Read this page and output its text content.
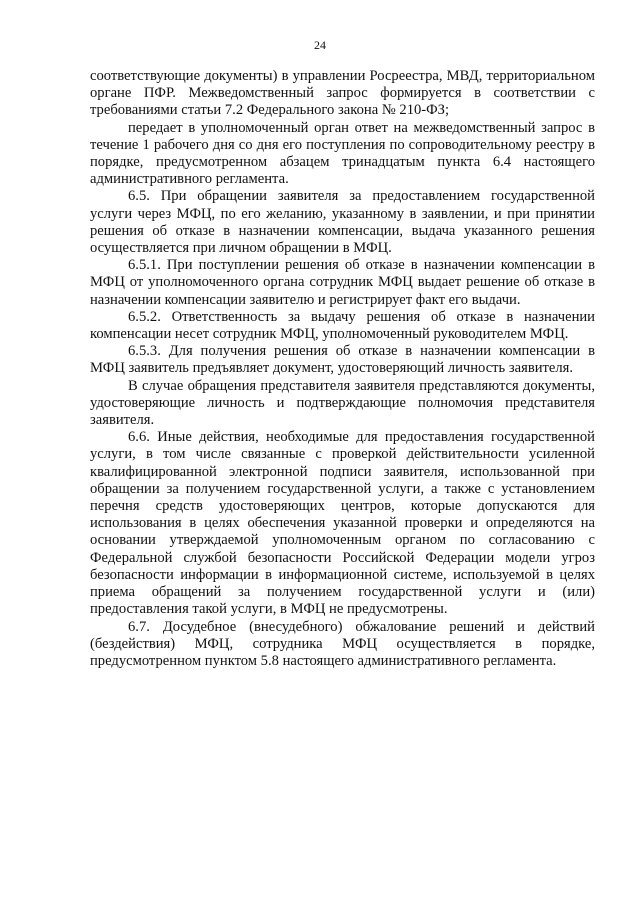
24

соответствующие документы) в управлении Росреестра, МВД, территориальном органе ПФР. Межведомственный запрос формируется в соответствии с требованиями статьи 7.2 Федерального закона № 210-ФЗ;

передает в уполномоченный орган ответ на межведомственный запрос в течение 1 рабочего дня со дня его поступления по сопроводительному реестру в порядке, предусмотренном абзацем тринадцатым пункта 6.4 настоящего административного регламента.

6.5. При обращении заявителя за предоставлением государственной услуги через МФЦ, по его желанию, указанному в заявлении, и при принятии решения об отказе в назначении компенсации, выдача указанного решения осуществляется при личном обращении в МФЦ.

6.5.1. При поступлении решения об отказе в назначении компенсации в МФЦ от уполномоченного органа сотрудник МФЦ выдает решение об отказе в назначении компенсации заявителю и регистрирует факт его выдачи.

6.5.2. Ответственность за выдачу решения об отказе в назначении компенсации несет сотрудник МФЦ, уполномоченный руководителем МФЦ.

6.5.3. Для получения решения об отказе в назначении компенсации в МФЦ заявитель предъявляет документ, удостоверяющий личность заявителя.

В случае обращения представителя заявителя представляются документы, удостоверяющие личность и подтверждающие полномочия представителя заявителя.

6.6. Иные действия, необходимые для предоставления государственной услуги, в том числе связанные с проверкой действительности усиленной квалифицированной электронной подписи заявителя, использованной при обращении за получением государственной услуги, а также с установлением перечня средств удостоверяющих центров, которые допускаются для использования в целях обеспечения указанной проверки и определяются на основании утверждаемой уполномоченным органом по согласованию с Федеральной службой безопасности Российской Федерации модели угроз безопасности информации в информационной системе, используемой в целях приема обращений за получением государственной услуги и (или) предоставления такой услуги, в МФЦ не предусмотрены.

6.7. Досудебное (внесудебного) обжалование решений и действий (бездействия) МФЦ, сотрудника МФЦ осуществляется в порядке, предусмотренном пунктом 5.8 настоящего административного регламента.
